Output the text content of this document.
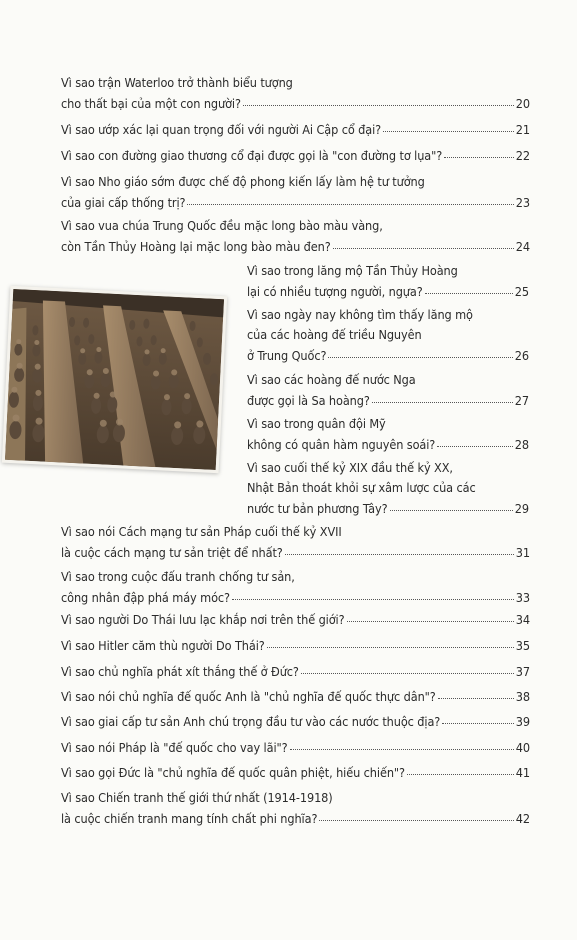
Vì sao trận Waterloo trở thành biểu tượng
cho thất bại của một con người?	20
Vì sao ướp xác lại quan trọng đối với người Ai Cập cổ đại?	21
Vì sao con đường giao thương cổ đại được gọi là "con đường tơ lụa"?	22
Vì sao Nho giáo sớm được chế độ phong kiến lấy làm hệ tư tưởng
của giai cấp thống trị?	23
Vì sao vua chúa Trung Quốc đều mặc long bào màu vàng,
còn Tần Thủy Hoàng lại mặc long bào màu đen?	24
Vì sao trong lăng mộ Tần Thủy Hoàng
lại có nhiều tượng người, ngựa?	25
Vì sao ngày nay không tìm thấy lăng mộ
của các hoàng đế triều Nguyên
ở Trung Quốc?	26
Vì sao các hoàng đế nước Nga
được gọi là Sa hoàng?	27
Vì sao trong quân đội Mỹ
không có quân hàm nguyên soái?	28
Vì sao cuối thế kỷ XIX đầu thế kỷ XX,
Nhật Bản thoát khỏi sự xâm lược của các
nước tư bản phương Tây?	29
Vì sao nói Cách mạng tư sản Pháp cuối thế kỷ XVII
là cuộc cách mạng tư sản triệt để nhất?	31
Vì sao trong cuộc đấu tranh chống tư sản,
công nhân đập phá máy móc?	33
Vì sao người Do Thái lưu lạc khắp nơi trên thế giới?	34
Vì sao Hitler căm thù người Do Thái?	35
Vì sao chủ nghĩa phát xít thắng thế ở Đức?	37
Vì sao nói chủ nghĩa đế quốc Anh là "chủ nghĩa đế quốc thực dân"?	38
Vì sao giai cấp tư sản Anh chú trọng đầu tư vào các nước thuộc địa?	39
Vì sao nói Pháp là "đế quốc cho vay lãi"?	40
Vì sao gọi Đức là "chủ nghĩa đế quốc quân phiệt, hiếu chiến"?	41
Vì sao Chiến tranh thế giới thứ nhất (1914-1918)
là cuộc chiến tranh mang tính chất phi nghĩa?	42
